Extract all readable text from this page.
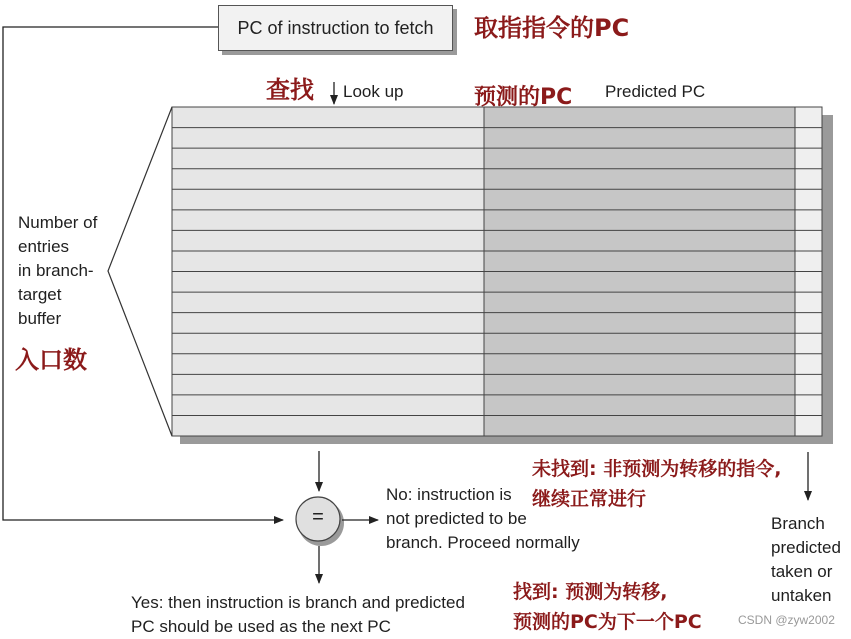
PC of instruction to fetch 取指指令的PC
查找 Look up	预测的PC Predicted PC
Number of
entries
in branch-
target
buffer
入口数
未找到: 非预测为转移的指令,
继续正常进行
No: instruction is
not predicted to be
branch. Proceed normally
=
Yes: then instruction is branch and predicted
PC should be used as the next PC
找到: 预测为转移,
预测的PC为下一个PC
Branch
predicted
taken or
untaken
CSDN @zyw2002
